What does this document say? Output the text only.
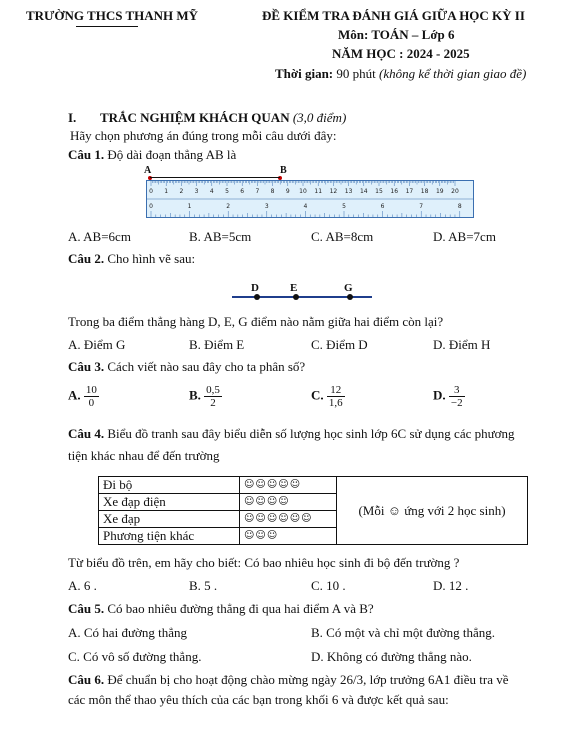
TRƯỜNG THCS THANH MỸ	ĐỀ KIỂM TRA ĐÁNH GIÁ GIỮA HỌC KỲ II
Môn: TOÁN – Lớp 6
NĂM HỌC : 2024 - 2025
Thời gian: 90 phút (không kể thời gian giao đề)
I. TRẮC NGHIỆM KHÁCH QUAN (3,0 điểm)
Hãy chọn phương án đúng trong mỗi câu dưới đây:
Câu 1. Độ dài đoạn thẳng AB là
A	B
0 1 2 3 4 5 6 7 8 9 10 11 12 13 14 15 16 17 18 19 20
0	1	2	3	4	5	6	7	8
A. AB=6cm	B. AB=5cm	C. AB=8cm	D. AB=7cm
Câu 2. Cho hình vẽ sau:
D	E	G
Trong ba điểm thẳng hàng D, E, G điểm nào nằm giữa hai điểm còn lại?
A. Điểm G	B. Điểm E	C. Điểm D	D. Điểm H
Câu 3. Cách viết nào sau đây cho ta phân số?
A. $\frac{10}{0}$	B. $\frac{0,5}{2}$	C. $\frac{12}{1,6}$	D. $\frac{3}{-2}$
Câu 4. Biểu đồ tranh sau đây biểu diễn số lượng học sinh lớp 6C sử dụng các phương
tiện khác nhau để đến trường
Đi bộ	☺☺☺☺☺	(Mỗi ☺ ứng với 2 học sinh)
Xe đạp điện	☺☺☺☺	
Xe đạp	☺☺☺☺☺☺	
Phương tiện khác	☺☺☺	
Từ biểu đồ trên, em hãy cho biết: Có bao nhiêu học sinh đi bộ đến trường ?
A. 6 .	B. 5 .	C. 10 .	D. 12 .
Câu 5. Có bao nhiêu đường thẳng đi qua hai điểm A và B?
A. Có hai đường thẳng	B. Có một và chỉ một đường thẳng.
C. Có vô số đường thẳng.	D. Không có đường thẳng nào.
Câu 6. Để chuẩn bị cho hoạt động chào mừng ngày 26/3, lớp trưởng 6A1 điều tra về
các môn thể thao yêu thích của các bạn trong khối 6 và được kết quả sau:
